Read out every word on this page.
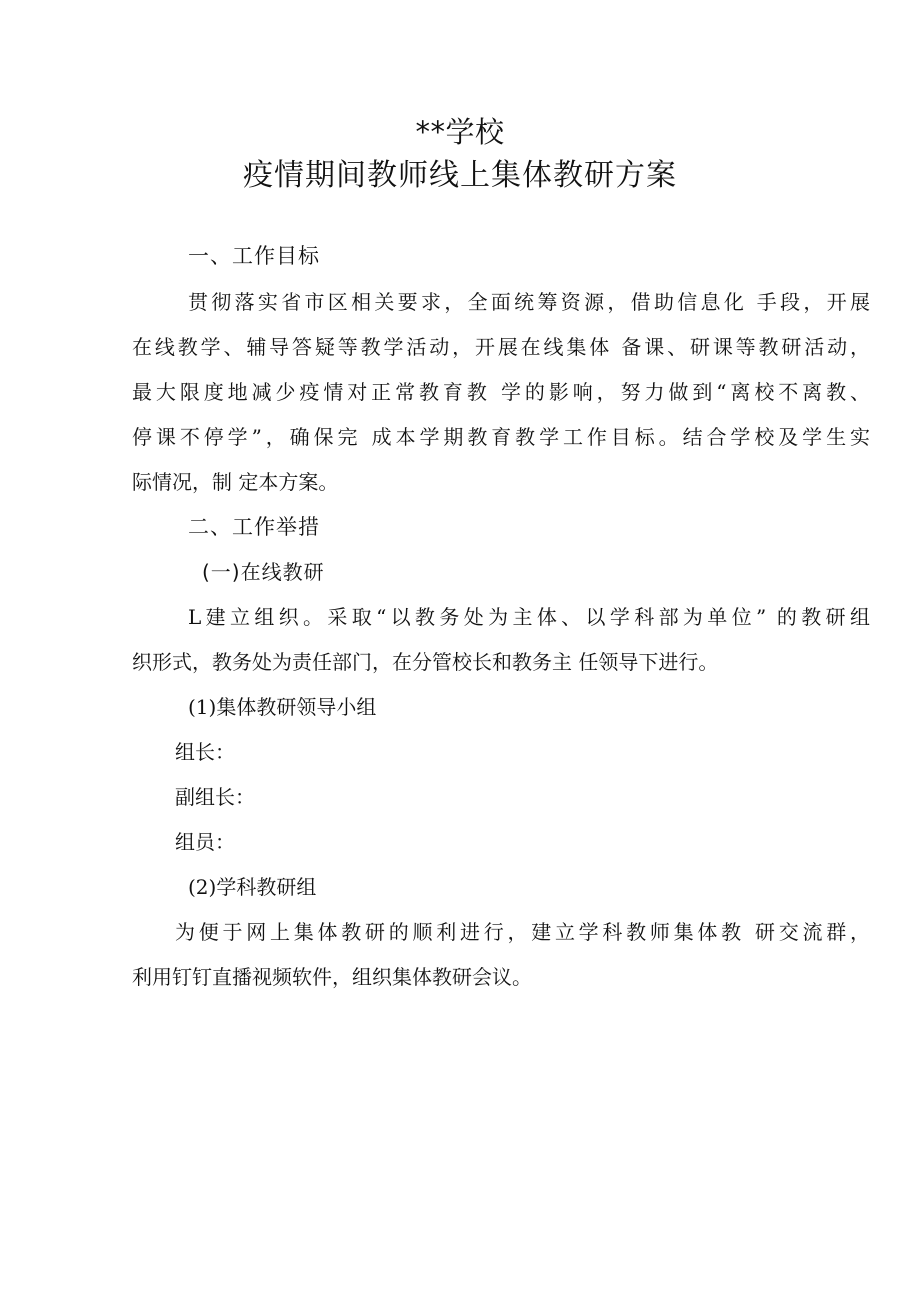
**学校
疫情期间教师线上集体教研方案
一、工作目标
贯彻落实省市区相关要求，全面统筹资源，借助信息化 手段，开展
在线教学、辅导答疑等教学活动，开展在线集体 备课、研课等教研活动，
最大限度地减少疫情对正常教育教 学的影响，努力做到“离校不离教、
停课不停学”，确保完 成本学期教育教学工作目标。结合学校及学生实
际情况，制 定本方案。
二、工作举措
(一)在线教研
L建立组织。采取“以教务处为主体、以学科部为单位” 的教研组
织形式，教务处为责任部门，在分管校长和教务主 任领导下进行。
(1)集体教研领导小组
组长：
副组长：
组员：
(2)学科教研组
为便于网上集体教研的顺利进行，建立学科教师集体教 研交流群，
利用钉钉直播视频软件，组织集体教研会议。
